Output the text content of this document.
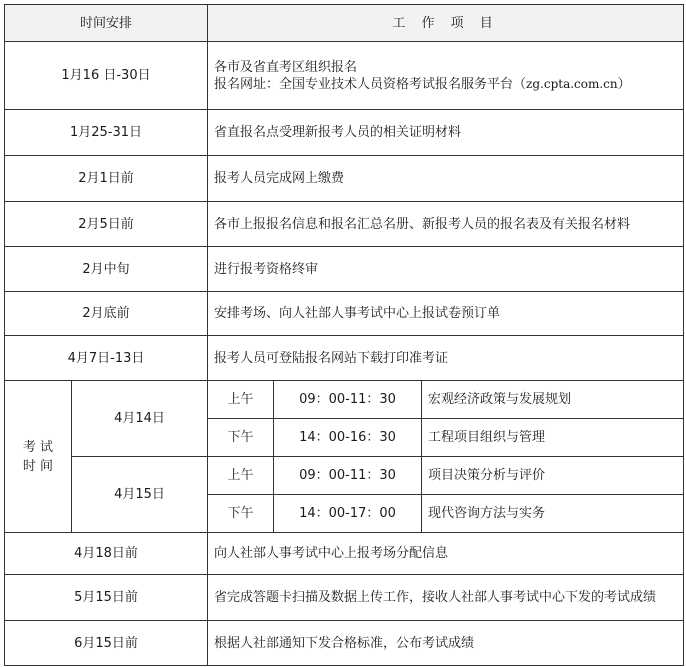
时间安排		工 作 项 目		
1月16 日-30日		各市及省直考区组织报名
报名网址：全国专业技术人员资格考试报名服务平台（zg.cpta.com.cn）		

1月25-31日		省直报名点受理新报考人员的相关证明材料		
2月1日前		报考人员完成网上缴费		
2月5日前		各市上报报名信息和报名汇总名册、新报考人员的报名表及有关报名材料		
2月中旬		进行报考资格终审		
2月底前		安排考场、向人社部人事考试中心上报试卷预订单		
4月7日-13日		报考人员可登陆报名网站下载打印准考证		
考 试 时 间	4月14日	上午	09：00-11：30	宏观经济政策与发展规划
		下午	14：00-16：30	工程项目组织与管理
	4月15日	上午	09：00-11：30	项目决策分析与评价
		下午	14：00-17：00	现代咨询方法与实务
4月18日前		向人社部人事考试中心上报考场分配信息		
5月15日前		省完成答题卡扫描及数据上传工作，接收人社部人事考试中心下发的考试成绩		
6月15日前		根据人社部通知下发合格标准，公布考试成绩		
